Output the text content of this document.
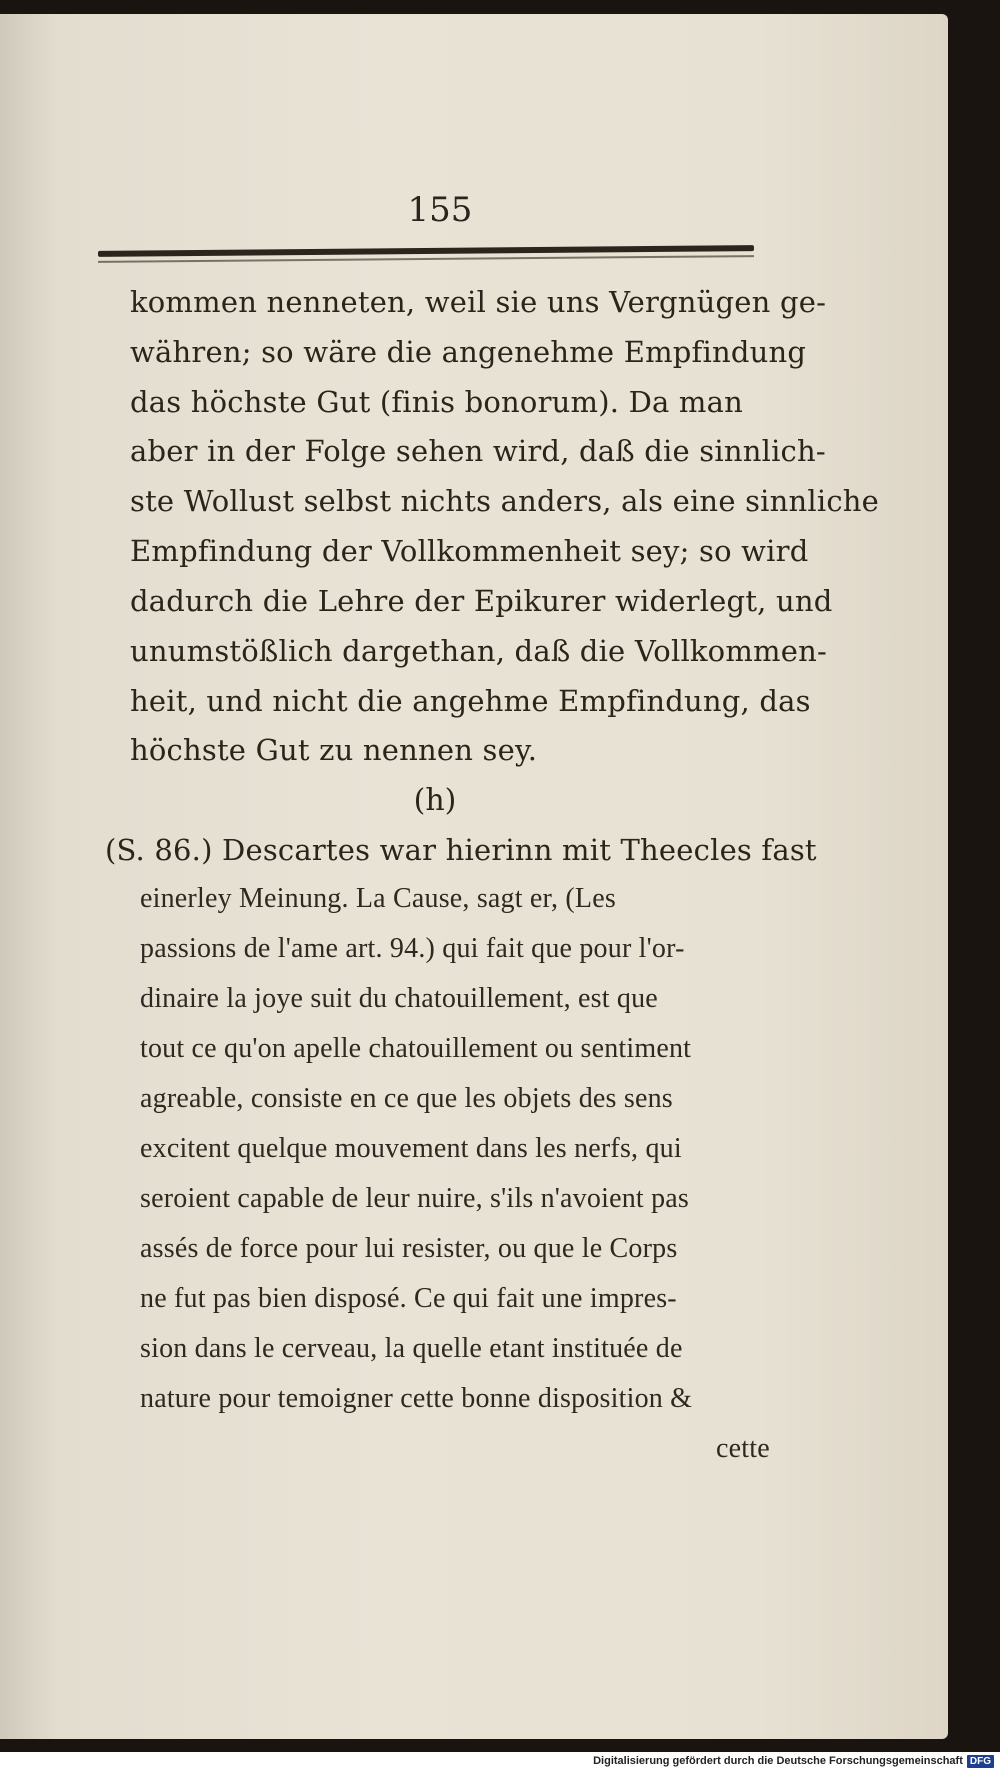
155
kommen nenneten, weil sie uns Vergnügen ge-
währen; so wäre die angenehme Empfindung
das höchste Gut (finis bonorum). Da man
aber in der Folge sehen wird, daß die sinnlich-
ste Wollust selbst nichts anders, als eine sinnliche
Empfindung der Vollkommenheit sey; so wird
dadurch die Lehre der Epikurer widerlegt, und
unumstößlich dargethan, daß die Vollkommen-
heit, und nicht die angehme Empfindung, das
höchste Gut zu nennen sey.
(h)
(S. 86.) Descartes war hierinn mit Theecles fast
einerley Meinung. La Cause, sagt er, (Les
passions de l'ame art. 94.) qui fait que pour l'or-
dinaire la joye suit du chatouillement, est que
tout ce qu'on apelle chatouillement ou sentiment
agreable, consiste en ce que les objets des sens
excitent quelque mouvement dans les nerfs, qui
seroient capable de leur nuire, s'ils n'avoient pas
assés de force pour lui resister, ou que le Corps
ne fut pas bien disposé. Ce qui fait une impres-
sion dans le cerveau, la quelle etant instituée de
nature pour temoigner cette bonne disposition &
cette
Digitalisierung gefördert durch die Deutsche Forschungsgemeinschaft DFG
